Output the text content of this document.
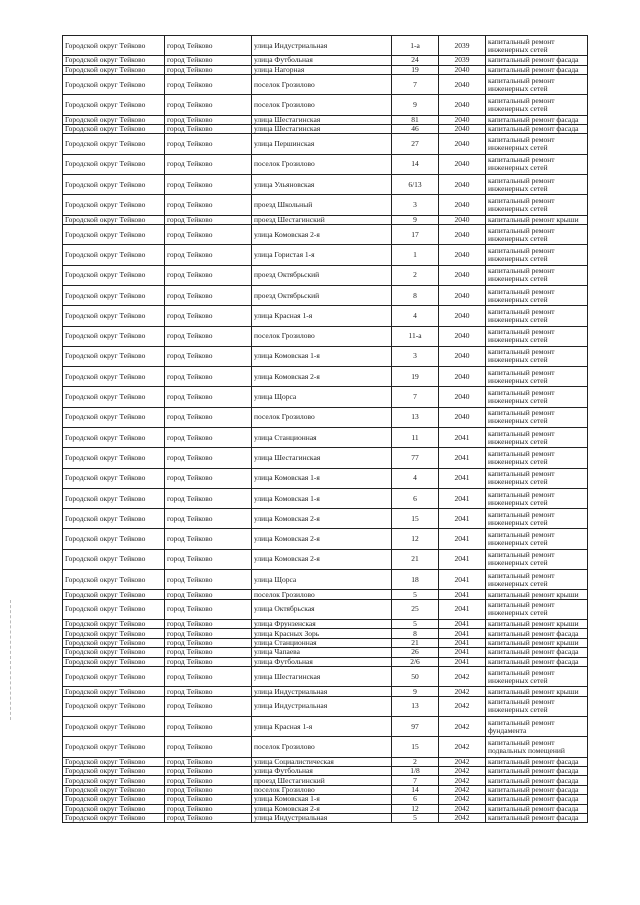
Городской округ Тейково	город Тейково	улица Индустриальная	1-а	2039	капитальный ремонт инженерных сетей
Городской округ Тейково	город Тейково	улица Футбольная	24	2039	капитальный ремонт фасада
Городской округ Тейково	город Тейково	улица Нагорная	19	2040	капитальный ремонт фасада
Городской округ Тейково	город Тейково	поселок Грозилово	7	2040	капитальный ремонт инженерных сетей
Городской округ Тейково	город Тейково	поселок Грозилово	9	2040	капитальный ремонт инженерных сетей
Городской округ Тейково	город Тейково	улица Шестагинская	81	2040	капитальный ремонт фасада
Городской округ Тейково	город Тейково	улица Шестагинская	46	2040	капитальный ремонт фасада
Городской округ Тейково	город Тейково	улица Першинская	27	2040	капитальный ремонт инженерных сетей
Городской округ Тейково	город Тейково	поселок Грозилово	14	2040	капитальный ремонт инженерных сетей
Городской округ Тейково	город Тейково	улица Ульяновская	6/13	2040	капитальный ремонт инженерных сетей
Городской округ Тейково	город Тейково	проезд Школьный	3	2040	капитальный ремонт инженерных сетей
Городской округ Тейково	город Тейково	проезд Шестагинский	9	2040	капитальный ремонт крыши
Городской округ Тейково	город Тейково	улица Комовская 2-я	17	2040	капитальный ремонт инженерных сетей
Городской округ Тейково	город Тейково	улица Гористая 1-я	1	2040	капитальный ремонт инженерных сетей
Городской округ Тейково	город Тейково	проезд Октябрьский	2	2040	капитальный ремонт инженерных сетей
Городской округ Тейково	город Тейково	проезд Октябрьский	8	2040	капитальный ремонт инженерных сетей
Городской округ Тейково	город Тейково	улица Красная 1-я	4	2040	капитальный ремонт инженерных сетей
Городской округ Тейково	город Тейково	поселок Грозилово	11-а	2040	капитальный ремонт инженерных сетей
Городской округ Тейково	город Тейково	улица Комовская 1-я	3	2040	капитальный ремонт инженерных сетей
Городской округ Тейково	город Тейково	улица Комовская 2-я	19	2040	капитальный ремонт инженерных сетей
Городской округ Тейково	город Тейково	улица Щорса	7	2040	капитальный ремонт инженерных сетей
Городской округ Тейково	город Тейково	поселок Грозилово	13	2040	капитальный ремонт инженерных сетей
Городской округ Тейково	город Тейково	улица Станционная	11	2041	капитальный ремонт инженерных сетей
Городской округ Тейково	город Тейково	улица Шестагинская	77	2041	капитальный ремонт инженерных сетей
Городской округ Тейково	город Тейково	улица Комовская 1-я	4	2041	капитальный ремонт инженерных сетей
Городской округ Тейково	город Тейково	улица Комовская 1-я	6	2041	капитальный ремонт инженерных сетей
Городской округ Тейково	город Тейково	улица Комовская 2-я	15	2041	капитальный ремонт инженерных сетей
Городской округ Тейково	город Тейково	улица Комовская 2-я	12	2041	капитальный ремонт инженерных сетей
Городской округ Тейково	город Тейково	улица Комовская 2-я	21	2041	капитальный ремонт инженерных сетей
Городской округ Тейково	город Тейково	улица Щорса	18	2041	капитальный ремонт инженерных сетей
Городской округ Тейково	город Тейково	поселок Грозилово	5	2041	капитальный ремонт крыши
Городской округ Тейково	город Тейково	улица Октябрьская	25	2041	капитальный ремонт инженерных сетей
Городской округ Тейково	город Тейково	улица Фрунзенская	5	2041	капитальный ремонт крыши
Городской округ Тейково	город Тейково	улица Красных Зорь	8	2041	капитальный ремонт фасада
Городской округ Тейково	город Тейково	улица Станционная	21	2041	капитальный ремонт крыши
Городской округ Тейково	город Тейково	улица Чапаева	26	2041	капитальный ремонт фасада
Городской округ Тейково	город Тейково	улица Футбольная	2/6	2041	капитальный ремонт фасада
Городской округ Тейково	город Тейково	улица Шестагинская	50	2042	капитальный ремонт инженерных сетей
Городской округ Тейково	город Тейково	улица Индустриальная	9	2042	капитальный ремонт крыши
Городской округ Тейково	город Тейково	улица Индустриальная	13	2042	капитальный ремонт инженерных сетей
Городской округ Тейково	город Тейково	улица Красная 1-я	97	2042	капитальный ремонт фундамента
Городской округ Тейково	город Тейково	поселок Грозилово	15	2042	капитальный ремонт подвальных помещений
Городской округ Тейково	город Тейково	улица Социалистическая	2	2042	капитальный ремонт фасада
Городской округ Тейково	город Тейково	улица Футбольная	1/8	2042	капитальный ремонт фасада
Городской округ Тейково	город Тейково	проезд Шестагинский	7	2042	капитальный ремонт фасада
Городской округ Тейково	город Тейково	поселок Грозилово	14	2042	капитальный ремонт фасада
Городской округ Тейково	город Тейково	улица Комовская 1-я	6	2042	капитальный ремонт фасада
Городской округ Тейково	город Тейково	улица Комовская 2-я	12	2042	капитальный ремонт фасада
Городской округ Тейково	город Тейково	улица Индустриальная	5	2042	капитальный ремонт фасада
